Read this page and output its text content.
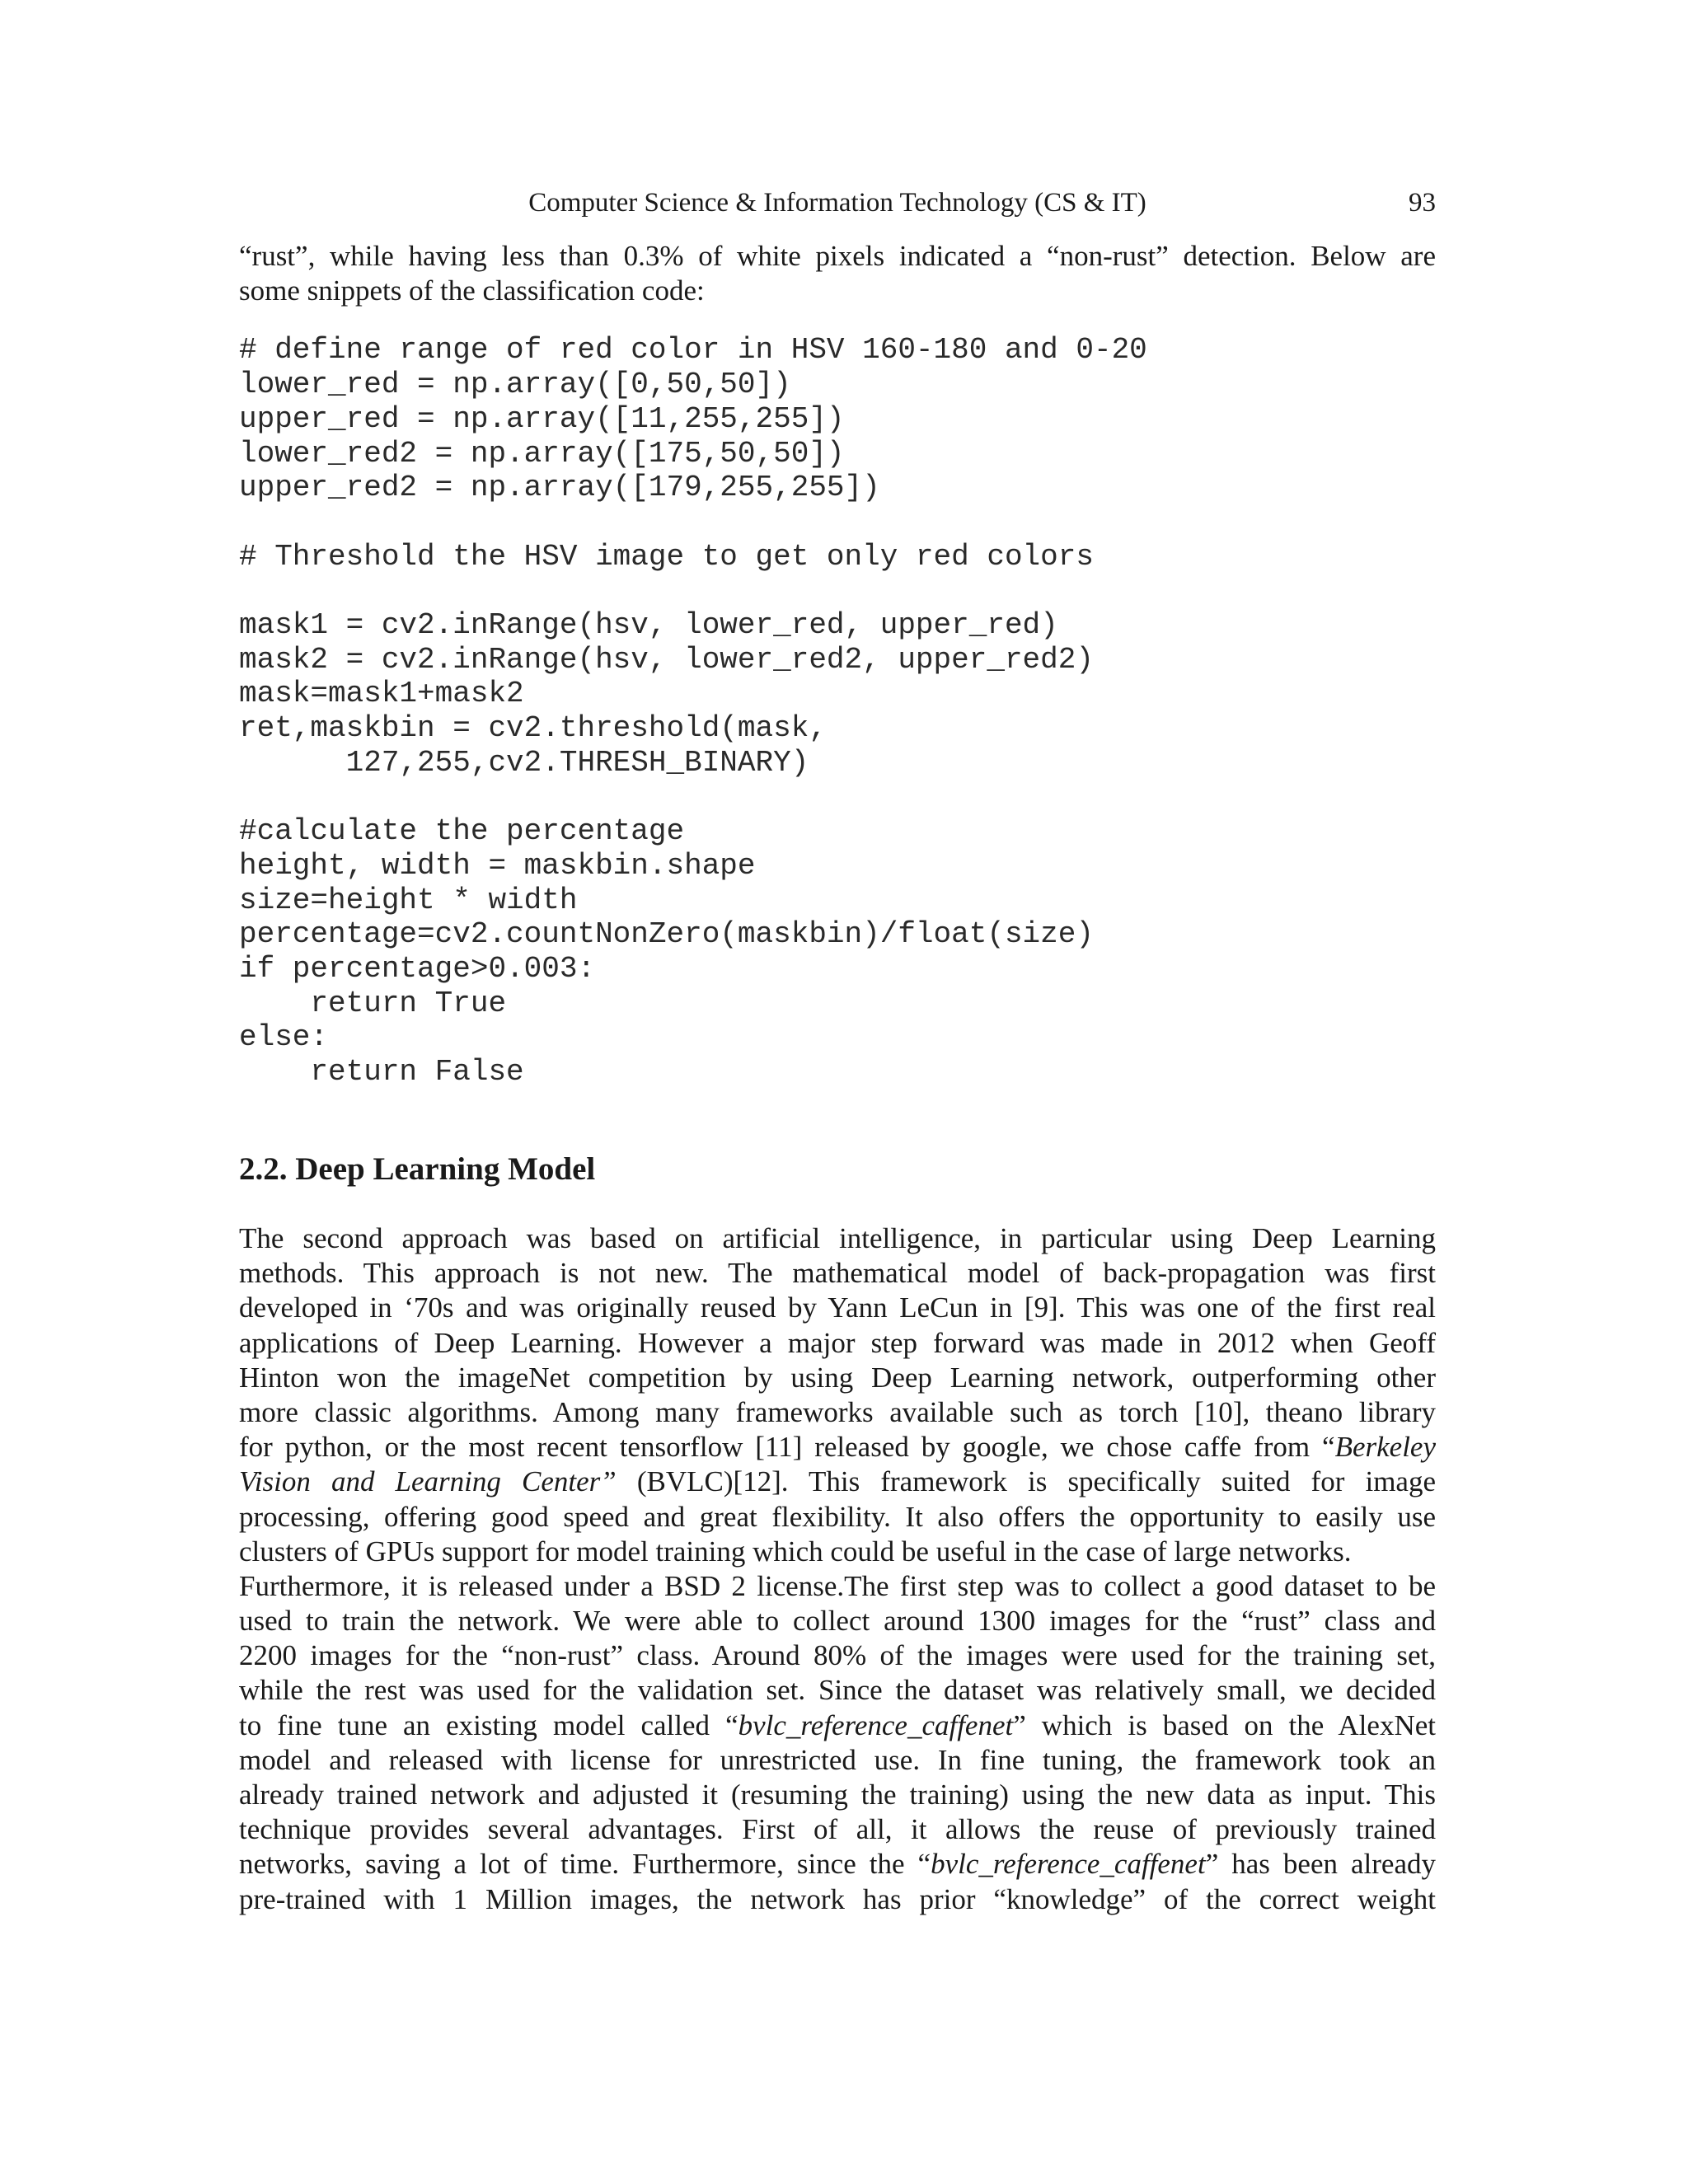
Computer Science & Information Technology (CS & IT)	93

“rust”, while having less than 0.3% of white pixels indicated a “non-rust” detection. Below are
some snippets of the classification code:

# define range of red color in HSV 160-180 and 0-20
lower_red = np.array([0,50,50])
upper_red = np.array([11,255,255])
lower_red2 = np.array([175,50,50])
upper_red2 = np.array([179,255,255])
# Threshold the HSV image to get only red colors
mask1 = cv2.inRange(hsv, lower_red, upper_red)
mask2 = cv2.inRange(hsv, lower_red2, upper_red2)
mask=mask1+mask2
ret,maskbin = cv2.threshold(mask,
127,255,cv2.THRESH_BINARY)
#calculate the percentage
height, width = maskbin.shape
size=height * width
percentage=cv2.countNonZero(maskbin)/float(size)
if percentage>0.003:
return True
else:
return False
2.2. Deep Learning Model

The second approach was based on artificial intelligence, in particular using Deep Learning
methods. This approach is not new. The mathematical model of back-propagation was first
developed in ‘70s and was originally reused by Yann LeCun in [9]. This was one of the first real
applications of Deep Learning. However a major step forward was made in 2012 when Geoff
Hinton won the imageNet competition by using Deep Learning network, outperforming other
more classic algorithms. Among many frameworks available such as torch [10], theano library
for python, or the most recent tensorflow [11] released by google, we chose caffe from “Berkeley
Vision and Learning Center” (BVLC)[12]. This framework is specifically suited for image
processing, offering good speed and great flexibility. It also offers the opportunity to easily use
clusters of GPUs support for model training which could be useful in the case of large networks.
Furthermore, it is released under a BSD 2 license.The first step was to collect a good dataset to be
used to train the network. We were able to collect around 1300 images for the “rust” class and
2200 images for the “non-rust” class. Around 80% of the images were used for the training set,
while the rest was used for the validation set. Since the dataset was relatively small, we decided
to fine tune an existing model called “bvlc_reference_caffenet” which is based on the AlexNet
model and released with license for unrestricted use. In fine tuning, the framework took an
already trained network and adjusted it (resuming the training) using the new data as input. This
technique provides several advantages. First of all, it allows the reuse of previously trained
networks, saving a lot of time. Furthermore, since the “bvlc_reference_caffenet” has been already
pre-trained with 1 Million images, the network has prior “knowledge” of the correct weight
